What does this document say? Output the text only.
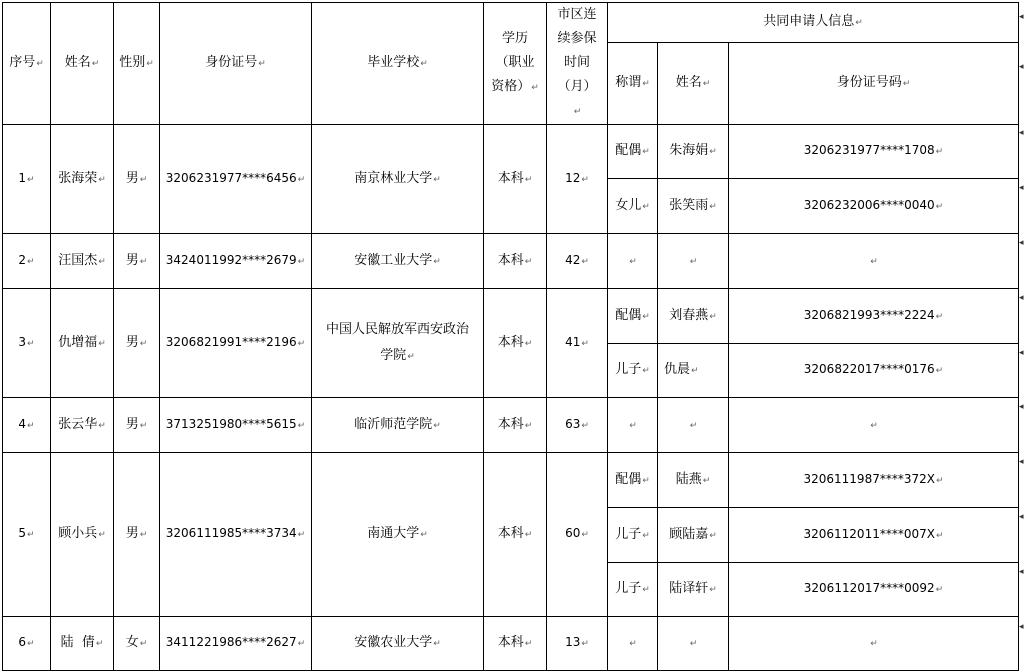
序号↵	姓名↵	性别↵	身份证号↵	毕业学校↵	学历（职业资格）↵	市区连续参保时间（月）↵	共同申请人信息↵		
							称谓↵	姓名↵	身份证号码↵
1↵	张海荣↵	男↵	3206231977****6456↵	南京林业大学↵	本科↵	12↵	配偶↵	朱海娟↵	3206231977****1708↵
							女儿↵	张笑雨↵	3206232006****0040↵
2↵	汪国杰↵	男↵	3424011992****2679↵	安徽工业大学↵	本科↵	42↵	↵	↵	↵
3↵	仇增福↵	男↵	3206821991****2196↵	中国人民解放军西安政治学院↵	本科↵	41↵	配偶↵	刘春燕↵	3206821993****2224↵
							儿子↵	仇晨↵	3206822017****0176↵
4↵	张云华↵	男↵	3713251980****5615↵	临沂师范学院↵	本科↵	63↵	↵	↵	↵
5↵	顾小兵↵	男↵	3206111985****3734↵	南通大学↵	本科↵	60↵	配偶↵	陆燕↵	3206111987****372X↵
							儿子↵	顾陆嘉↵	3206112011****007X↵
							儿子↵	陆译轩↵	3206112017****0092↵
6↵	陆  倩↵	女↵	3411221986****2627↵	安徽农业大学↵	本科↵	13↵	↵	↵	↵
◂
◂
◂
◂
◂
◂
◂
◂
◂
◂
◂
◂
